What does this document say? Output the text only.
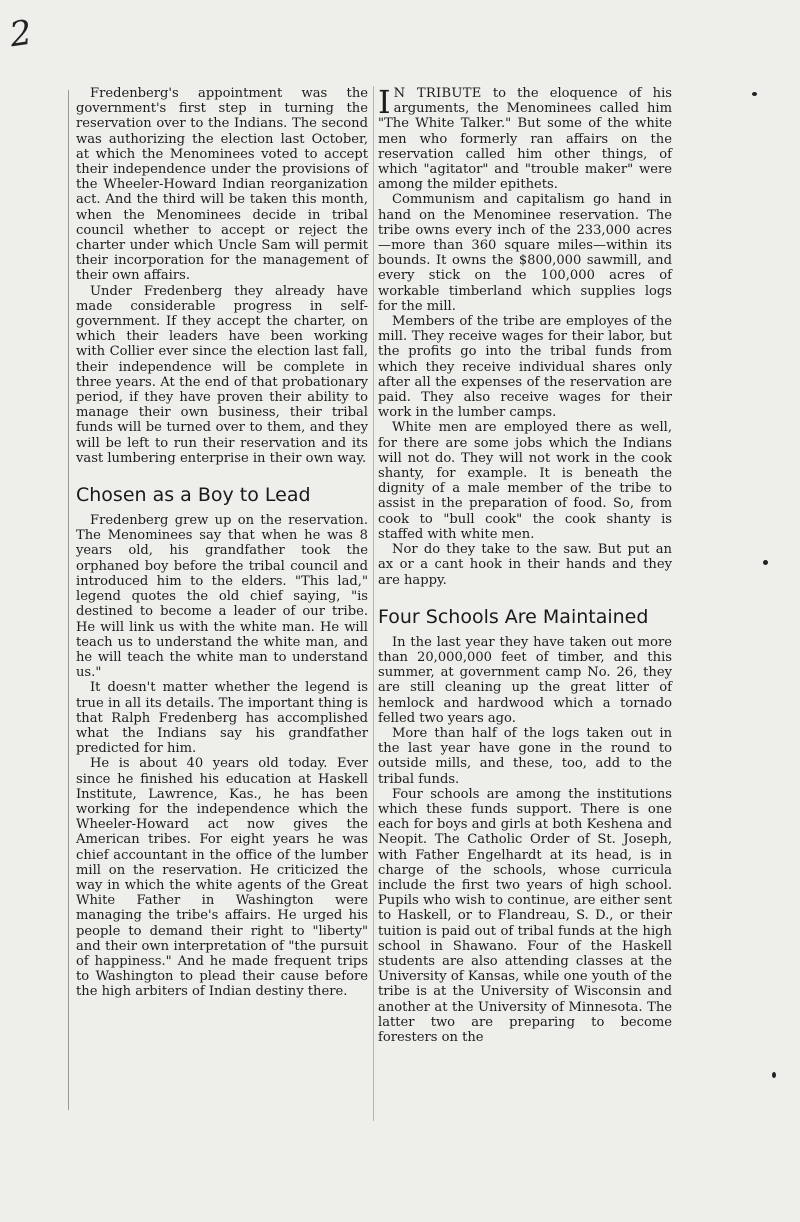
2

Fredenberg's appointment was the government's first step in turning the reservation over to the Indians. The second was authorizing the election last October, at which the Menominees voted to accept their independence under the provisions of the Wheeler-Howard Indian reorganization act. And the third will be taken this month, when the Menominees decide in tribal council whether to accept or reject the charter under which Uncle Sam will permit their incorporation for the management of their own affairs.

Under Fredenberg they already have made considerable progress in self-government. If they accept the charter, on which their leaders have been working with Collier ever since the election last fall, their independence will be complete in three years. At the end of that probationary period, if they have proven their ability to manage their own business, their tribal funds will be turned over to them, and they will be left to run their reservation and its vast lumbering enterprise in their own way.

Chosen as a Boy to Lead

Fredenberg grew up on the reservation. The Menominees say that when he was 8 years old, his grandfather took the orphaned boy before the tribal council and introduced him to the elders. "This lad," legend quotes the old chief saying, "is destined to become a leader of our tribe. He will link us with the white man. He will teach us to understand the white man, and he will teach the white man to understand us."

It doesn't matter whether the legend is true in all its details. The important thing is that Ralph Fredenberg has accomplished what the Indians say his grandfather predicted for him.

He is about 40 years old today. Ever since he finished his education at Haskell Institute, Lawrence, Kas., he has been working for the independence which the Wheeler-Howard act now gives the American tribes. For eight years he was chief accountant in the office of the lumber mill on the reservation. He criticized the way in which the white agents of the Great White Father in Washington were managing the tribe's affairs. He urged his people to demand their right to "liberty" and their own interpretation of "the pursuit of happiness." And he made frequent trips to Washington to plead their cause before the high arbiters of Indian destiny there.

I N TRIBUTE to the eloquence of his arguments, the Menominees called him "The White Talker." But some of the white men who formerly ran affairs on the reservation called him other things, of which "agitator" and "trouble maker" were among the milder epithets.

Communism and capitalism go hand in hand on the Menominee reservation. The tribe owns every inch of the 233,000 acres —more than 360 square miles—within its bounds. It owns the $800,000 sawmill, and every stick on the 100,000 acres of workable timberland which supplies logs for the mill.

Members of the tribe are employes of the mill. They receive wages for their labor, but the profits go into the tribal funds from which they receive individual shares only after all the expenses of the reservation are paid. They also receive wages for their work in the lumber camps.

White men are employed there as well, for there are some jobs which the Indians will not do. They will not work in the cook shanty, for example. It is beneath the dignity of a male member of the tribe to assist in the preparation of food. So, from cook to "bull cook" the cook shanty is staffed with white men.

Nor do they take to the saw. But put an ax or a cant hook in their hands and they are happy.

Four Schools Are Maintained

In the last year they have taken out more than 20,000,000 feet of timber, and this summer, at government camp No. 26, they are still cleaning up the great litter of hemlock and hardwood which a tornado felled two years ago.

More than half of the logs taken out in the last year have gone in the round to outside mills, and these, too, add to the tribal funds.

Four schools are among the institutions which these funds support. There is one each for boys and girls at both Keshena and Neopit. The Catholic Order of St. Joseph, with Father Engelhardt at its head, is in charge of the schools, whose curricula include the first two years of high school. Pupils who wish to continue, are either sent to Haskell, or to Flandreau, S. D., or their tuition is paid out of tribal funds at the high school in Shawano. Four of the Haskell students are also attending classes at the University of Kansas, while one youth of the tribe is at the University of Wisconsin and another at the University of Minnesota. The latter two are preparing to become foresters on the
